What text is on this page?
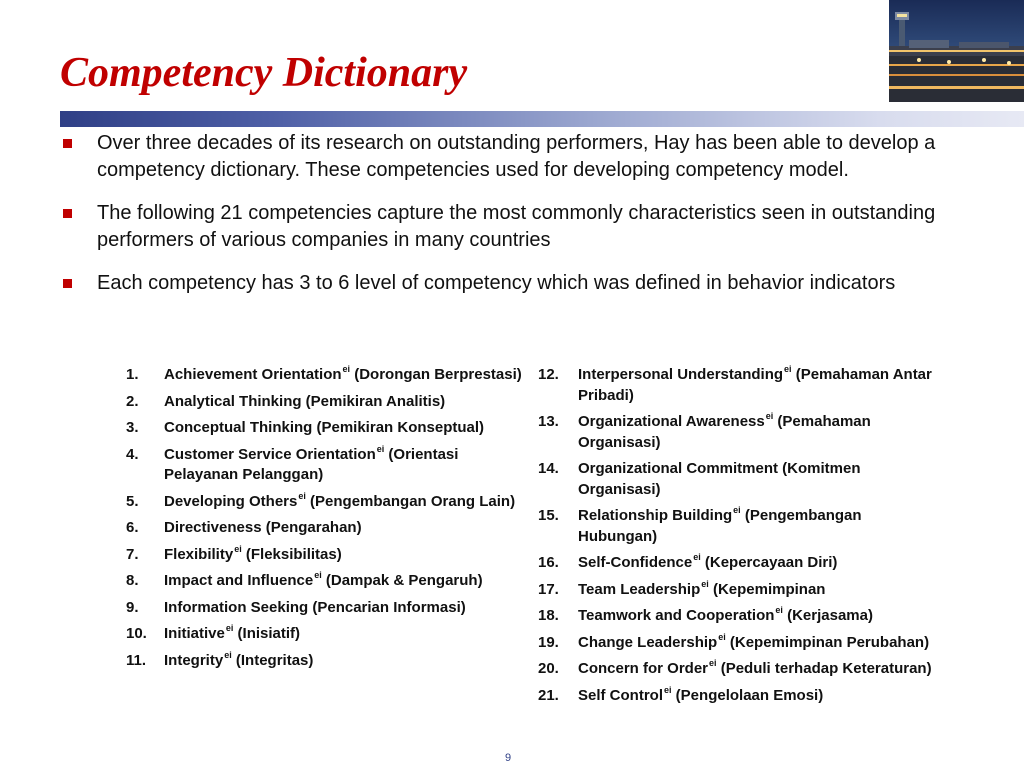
Competency Dictionary
Over three decades of its research on outstanding performers, Hay has been able to develop a competency dictionary. These competencies used for developing competency model.
The following 21 competencies capture the most commonly characteristics seen in outstanding performers of various companies in many countries
Each competency has 3 to 6 level of competency which was defined in behavior indicators
1. Achievement Orientation$^{ei}$ (Dorongan Berprestasi)
2. Analytical Thinking (Pemikiran Analitis)
3. Conceptual Thinking (Pemikiran Konseptual)
4. Customer Service Orientation$^{ei}$ (Orientasi Pelayanan Pelanggan)
5. Developing Others$^{ei}$ (Pengembangan Orang Lain)
6. Directiveness (Pengarahan)
7. Flexibility$^{ei}$ (Fleksibilitas)
8. Impact and Influence$^{ei}$ (Dampak & Pengaruh)
9. Information Seeking (Pencarian Informasi)
10. Initiative$^{ei}$ (Inisiatif)
11. Integrity$^{ei}$ (Integritas)
12. Interpersonal Understanding$^{ei}$ (Pemahaman Antar Pribadi)
13. Organizational Awareness$^{ei}$ (Pemahaman Organisasi)
14. Organizational Commitment (Komitmen Organisasi)
15. Relationship Building$^{ei}$ (Pengembangan Hubungan)
16. Self-Confidence$^{ei}$ (Kepercayaan Diri)
17. Team Leadership$^{ei}$ (Kepemimpinan
18. Teamwork and Cooperation$^{ei}$ (Kerjasama)
19. Change Leadership$^{ei}$ (Kepemimpinan Perubahan)
20. Concern for Order$^{ei}$ (Peduli terhadap Keteraturan)
21. Self Control$^{ei}$ (Pengelolaan Emosi)
9
